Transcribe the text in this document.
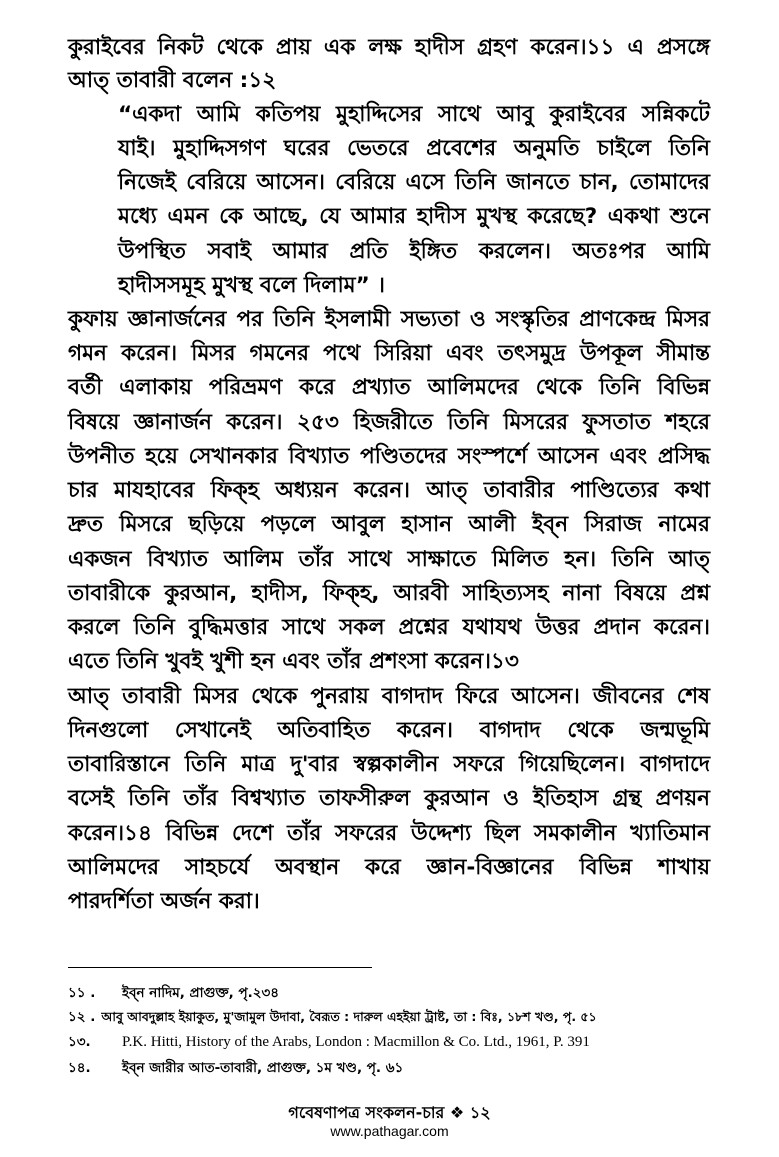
কুরাইবের নিকট থেকে প্রায় এক লক্ষ হাদীস গ্রহণ করেন।১১ এ প্রসঙ্গে
আত্ তাবারী বলেন :১২
“একদা আমি কতিপয় মুহাদ্দিসের সাথে আবু কুরাইবের সন্নিকটে
যাই। মুহাদ্দিসগণ ঘরের ভেতরে প্রবেশের অনুমতি চাইলে তিনি
নিজেই বেরিয়ে আসেন। বেরিয়ে এসে তিনি জানতে চান, তোমাদের
মধ্যে এমন কে আছে, যে আমার হাদীস মুখস্থ করেছে? একথা শুনে
উপস্থিত সবাই আমার প্রতি ইঙ্গিত করলেন। অতঃপর আমি
হাদীসসমূহ মুখস্থ বলে দিলাম” ।
কুফায় জ্ঞানার্জনের পর তিনি ইসলামী সভ্যতা ও সংস্কৃতির প্রাণকেন্দ্র মিসর
গমন করেন। মিসর গমনের পথে সিরিয়া এবং তৎসমুদ্র উপকূল সীমান্ত
বর্তী এলাকায় পরিভ্রমণ করে প্রখ্যাত আলিমদের থেকে তিনি বিভিন্ন
বিষয়ে জ্ঞানার্জন করেন। ২৫৩ হিজরীতে তিনি মিসরের ফুসতাত শহরে
উপনীত হয়ে সেখানকার বিখ্যাত পণ্ডিতদের সংস্পর্শে আসেন এবং প্রসিদ্ধ
চার মাযহাবের ফিক্হ অধ্যয়ন করেন। আত্ তাবারীর পাণ্ডিত্যের কথা
দ্রুত মিসরে ছড়িয়ে পড়লে আবুল হাসান আলী ইব্ন সিরাজ নামের
একজন বিখ্যাত আলিম তাঁর সাথে সাক্ষাতে মিলিত হন। তিনি আত্
তাবারীকে কুরআন, হাদীস, ফিক্হ, আরবী সাহিত্যসহ নানা বিষয়ে প্রশ্ন
করলে তিনি বুদ্ধিমত্তার সাথে সকল প্রশ্নের যথাযথ উত্তর প্রদান করেন।
এতে তিনি খুবই খুশী হন এবং তাঁর প্রশংসা করেন।১৩
আত্ তাবারী মিসর থেকে পুনরায় বাগদাদ ফিরে আসেন। জীবনের শেষ
দিনগুলো সেখানেই অতিবাহিত করেন। বাগদাদ থেকে জন্মভূমি
তাবারিস্তানে তিনি মাত্র দু'বার স্বল্পকালীন সফরে গিয়েছিলেন। বাগদাদে
বসেই তিনি তাঁর বিশ্বখ্যাত তাফসীরুল কুরআন ও ইতিহাস গ্রন্থ প্রণয়ন
করেন।১৪ বিভিন্ন দেশে তাঁর সফরের উদ্দেশ্য ছিল সমকালীন খ্যাতিমান
আলিমদের সাহচর্যে অবস্থান করে জ্ঞান-বিজ্ঞানের বিভিন্ন শাখায়
পারদর্শিতা অর্জন করা।
১১ . ইব্ন নাদিম, প্রাগুক্ত, পৃ.২৩৪
১২ . আবু আবদুল্লাহ ইয়াকুত, মু'জামুল উদাবা, বৈরূত : দারুল এহইয়া ট্রাষ্ট, তা : বিঃ, ১৮শ খণ্ড, পৃ. ৫১
১৩. P.K. Hitti, History of the Arabs, London : Macmillon & Co. Ltd., 1961, P. 391
১৪. ইব্ন জারীর আত-তাবারী, প্রাগুক্ত, ১ম খণ্ড, পৃ. ৬১
গবেষণাপত্র সংকলন-চার ❖ ১২
www.pathagar.com
